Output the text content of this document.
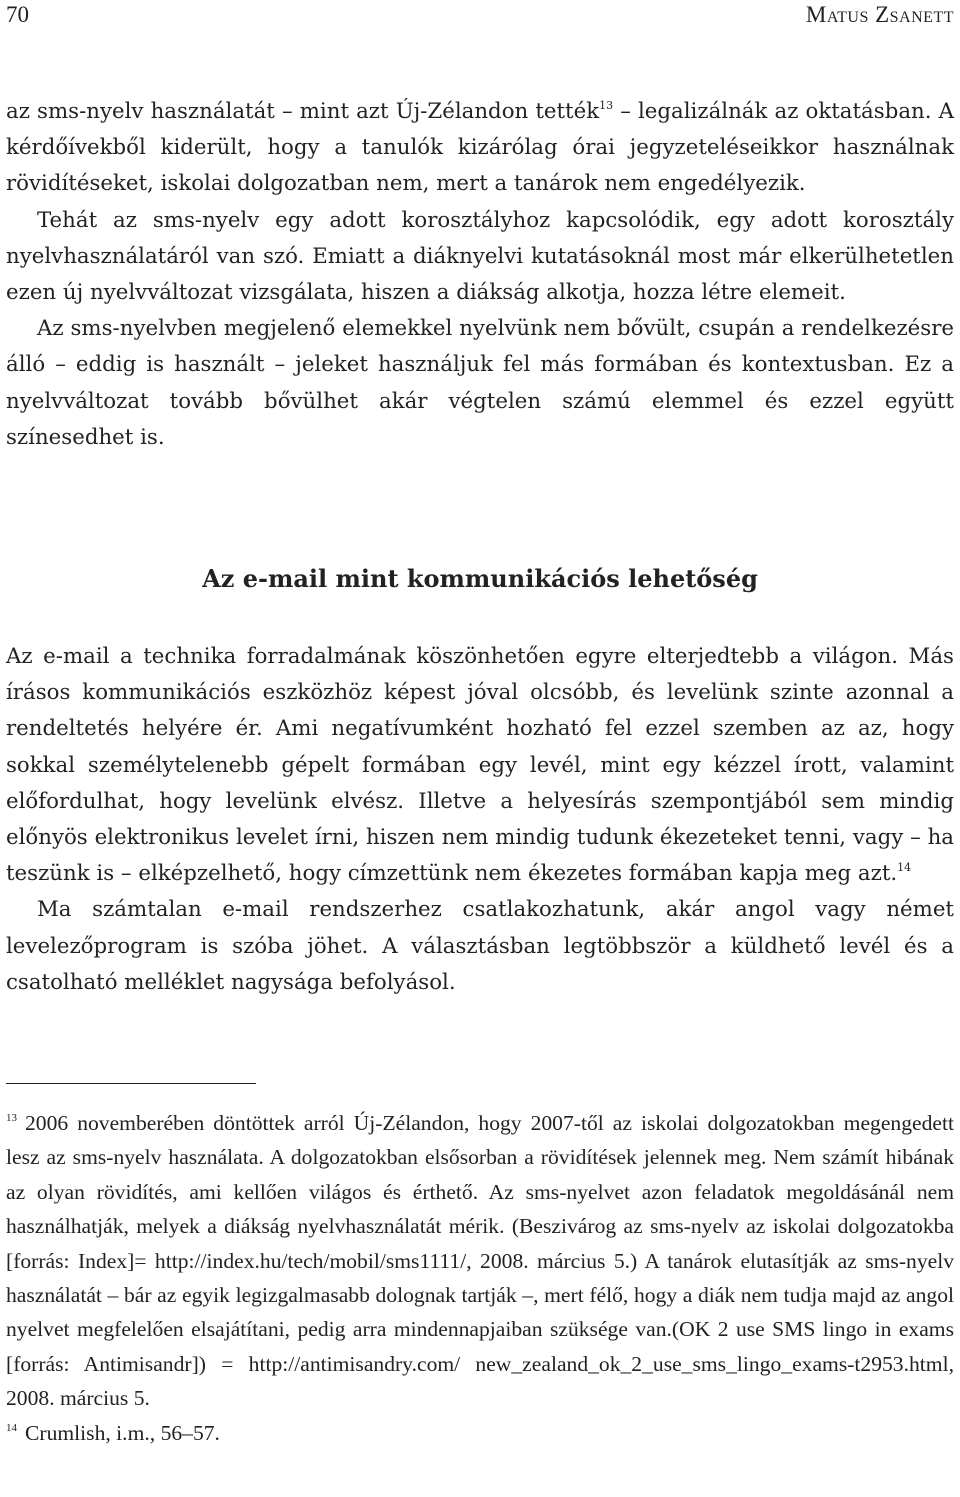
70	Matus Zsanett

az sms-nyelv használatát – mint azt Új-Zélandon tették$^{13}$ – legalizálnák az oktatásban. A kérdőívekből kiderült, hogy a tanulók kizárólag órai jegyzeteléseikkor használnak rövidítéseket, iskolai dolgozatban nem, mert a tanárok nem engedélyezik.

Tehát az sms-nyelv egy adott korosztályhoz kapcsolódik, egy adott korosztály nyelvhasználatáról van szó. Emiatt a diáknyelvi kutatásoknál most már elkerülhetetlen ezen új nyelvváltozat vizsgálata, hiszen a diákság alkotja, hozza létre elemeit.

Az sms-nyelvben megjelenő elemekkel nyelvünk nem bővült, csupán a rendelkezésre álló – eddig is használt – jeleket használjuk fel más formában és kontextusban. Ez a nyelvváltozat tovább bővülhet akár végtelen számú elemmel és ezzel együtt színesedhet is.

Az e-mail mint kommunikációs lehetőség

Az e-mail a technika forradalmának köszönhetően egyre elterjedtebb a világon. Más írásos kommunikációs eszközhöz képest jóval olcsóbb, és levelünk szinte azonnal a rendeltetés helyére ér. Ami negatívumként hozható fel ezzel szemben az az, hogy sokkal személytelenebb gépelt formában egy levél, mint egy kézzel írott, valamint előfordulhat, hogy levelünk elvész. Illetve a helyesírás szempontjából sem mindig előnyös elektronikus levelet írni, hiszen nem mindig tudunk ékezeteket tenni, vagy – ha teszünk is – elképzelhető, hogy címzettünk nem ékezetes formában kapja meg azt.$^{14}$

Ma számtalan e-mail rendszerhez csatlakozhatunk, akár angol vagy német levelezőprogram is szóba jöhet. A választásban legtöbbször a küldhető levél és a csatolható melléklet nagysága befolyásol.

$^{13}$ 2006 novemberében döntöttek arról Új-Zélandon, hogy 2007-től az iskolai dolgozatokban megengedett lesz az sms-nyelv használata. A dolgozatokban elsősorban a rövidítések jelennek meg. Nem számít hibának az olyan rövidítés, ami kellően világos és érthető. Az sms-nyelvet azon feladatok megoldásánál nem használhatják, melyek a diákság nyelvhasználatát mérik. (Beszivárog az sms-nyelv az iskolai dolgozatokba [forrás: Index]= http://index.hu/tech/mobil/sms1111/, 2008. március 5.) A tanárok elutasítják az sms-nyelv használatát – bár az egyik legizgalmasabb dolognak tartják –, mert félő, hogy a diák nem tudja majd az angol nyelvet megfelelően elsajátítani, pedig arra mindennapjaiban szüksége van.(OK 2 use SMS lingo in exams [forrás: Antimisandr]) = http://antimisandry.com/ new_zealand_ok_2_use_sms_lingo_exams-t2953.html, 2008. március 5.

$^{14}$ Crumlish, i.m., 56–57.
